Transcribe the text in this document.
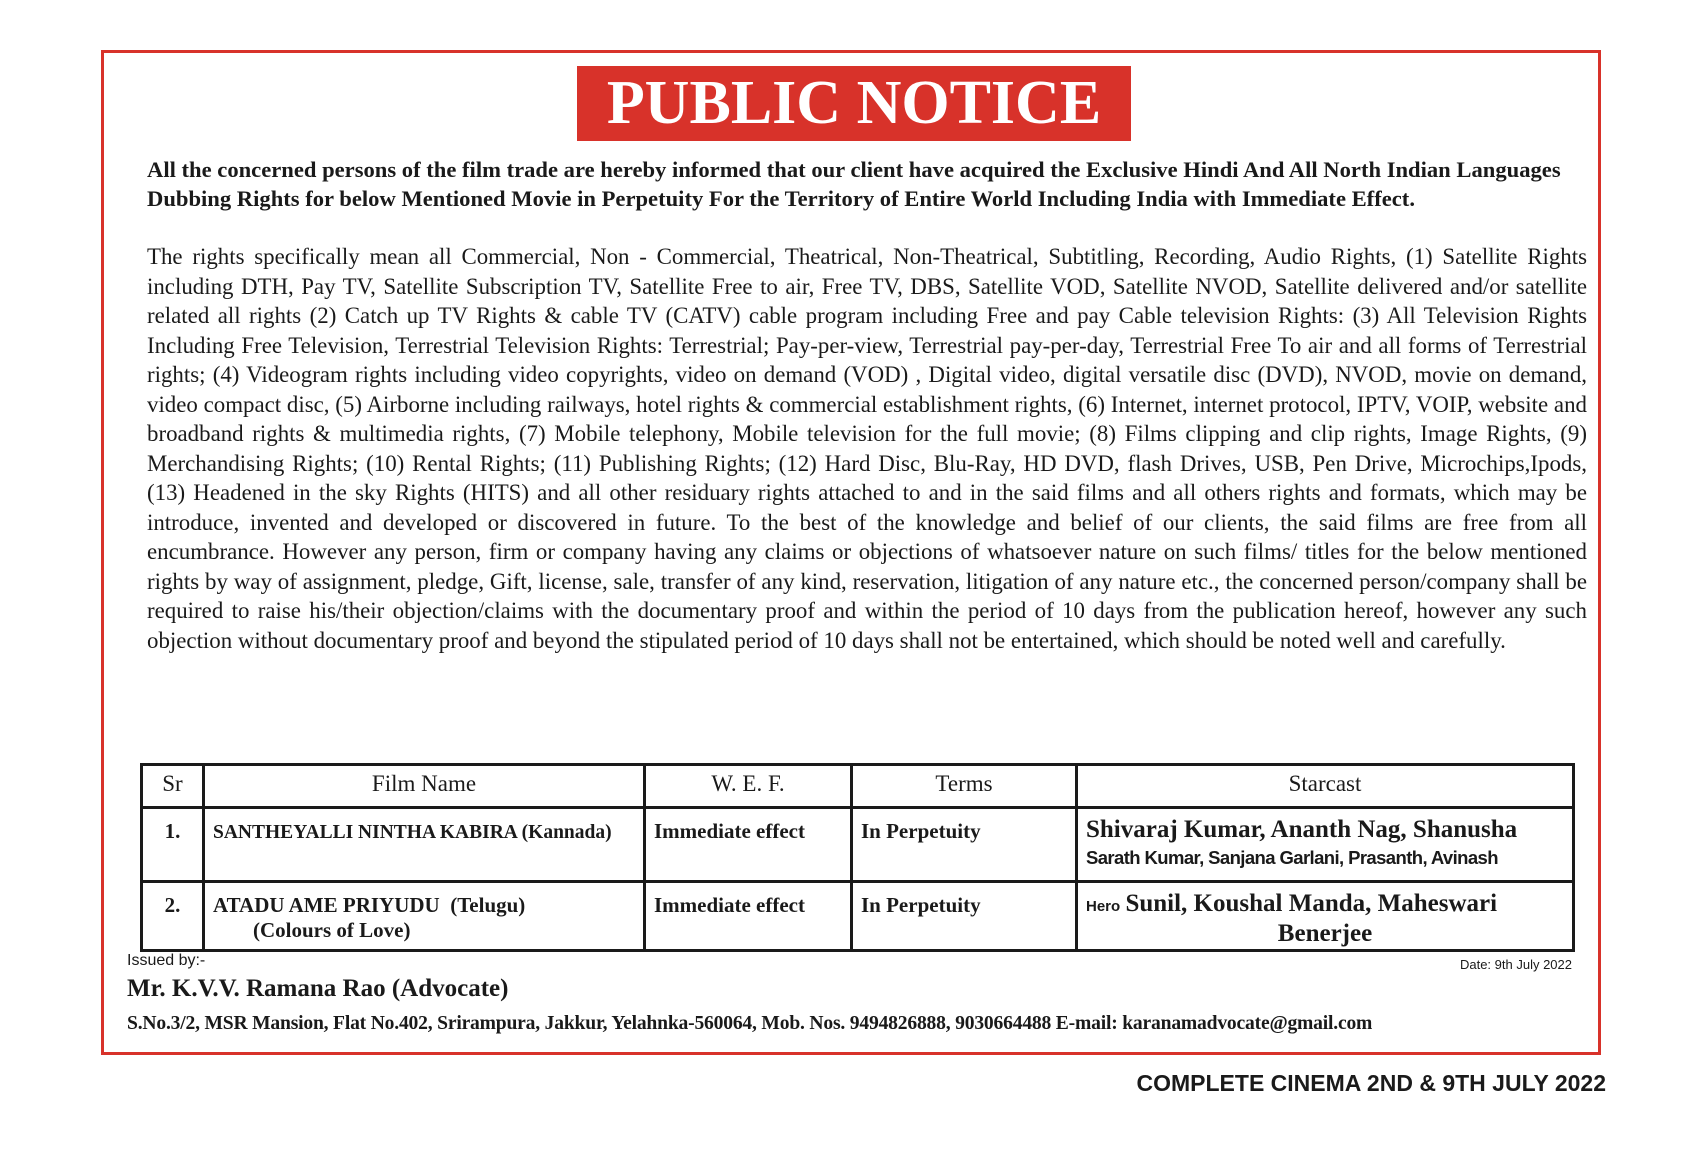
PUBLIC NOTICE

All the concerned persons of the film trade are hereby informed that our client have acquired the Exclusive Hindi And All North Indian Languages Dubbing Rights for below Mentioned Movie in Perpetuity For the Territory of Entire World Including India with Immediate Effect.

The rights specifically mean all Commercial, Non - Commercial, Theatrical, Non-Theatrical, Subtitling, Recording, Audio Rights, (1) Satellite Rights including DTH, Pay TV, Satellite Subscription TV, Satellite Free to air, Free TV, DBS, Satellite VOD, Satellite NVOD, Satellite delivered and/or satellite related all rights (2) Catch up TV Rights & cable TV (CATV) cable program including Free and pay Cable television Rights: (3) All Television Rights Including Free Television, Terrestrial Television Rights: Terrestrial; Pay-per-view, Terrestrial pay-per-day, Terrestrial Free To air and all forms of Terrestrial rights; (4) Videogram rights including video copyrights, video on demand (VOD) , Digital video, digital versatile disc (DVD), NVOD, movie on demand, video compact disc, (5) Airborne including railways, hotel rights & commercial establishment rights, (6) Internet, internet protocol, IPTV, VOIP, website and broadband rights & multimedia rights, (7) Mobile telephony, Mobile television for the full movie; (8) Films clipping and clip rights, Image Rights, (9) Merchandising Rights; (10) Rental Rights; (11) Publishing Rights; (12) Hard Disc, Blu-Ray, HD DVD, flash Drives, USB, Pen Drive, Microchips,Ipods, (13) Headened in the sky Rights (HITS) and all other residuary rights attached to and in the said films and all others rights and formats, which may be introduce, invented and developed or discovered in future. To the best of the knowledge and belief of our clients, the said films are free from all encumbrance. However any person, firm or company having any claims or objections of whatsoever nature on such films/ titles for the below mentioned rights by way of assignment, pledge, Gift, license, sale, transfer of any kind, reservation, litigation of any nature etc., the concerned person/company shall be required to raise his/their objection/claims with the documentary proof and within the period of 10 days from the publication hereof, however any such objection without documentary proof and beyond the stipulated period of 10 days shall not be entertained, which should be noted well and carefully.

Sr	Film Name	W. E. F.	Terms	Starcast
1.	SANTHEYALLI NINTHA KABIRA (Kannada)	Immediate effect	In Perpetuity	Shivaraj Kumar, Ananth Nag, Shanusha
Sarath Kumar, Sanjana Garlani, Prasanth, Avinash

2.	ATADU AME PRIYUDU  (Telugu)
(Colours of Love)	Immediate effect	In Perpetuity	Hero Sunil, Koushal Manda, Maheswari
Benerjee
Issued by:-	Date: 9th July 2022
Mr. K.V.V. Ramana Rao (Advocate)
S.No.3/2, MSR Mansion, Flat No.402, Srirampura, Jakkur, Yelahnka-560064, Mob. Nos. 9494826888, 9030664488 E-mail: karanamadvocate@gmail.com
COMPLETE CINEMA 2ND & 9TH JULY 2022
